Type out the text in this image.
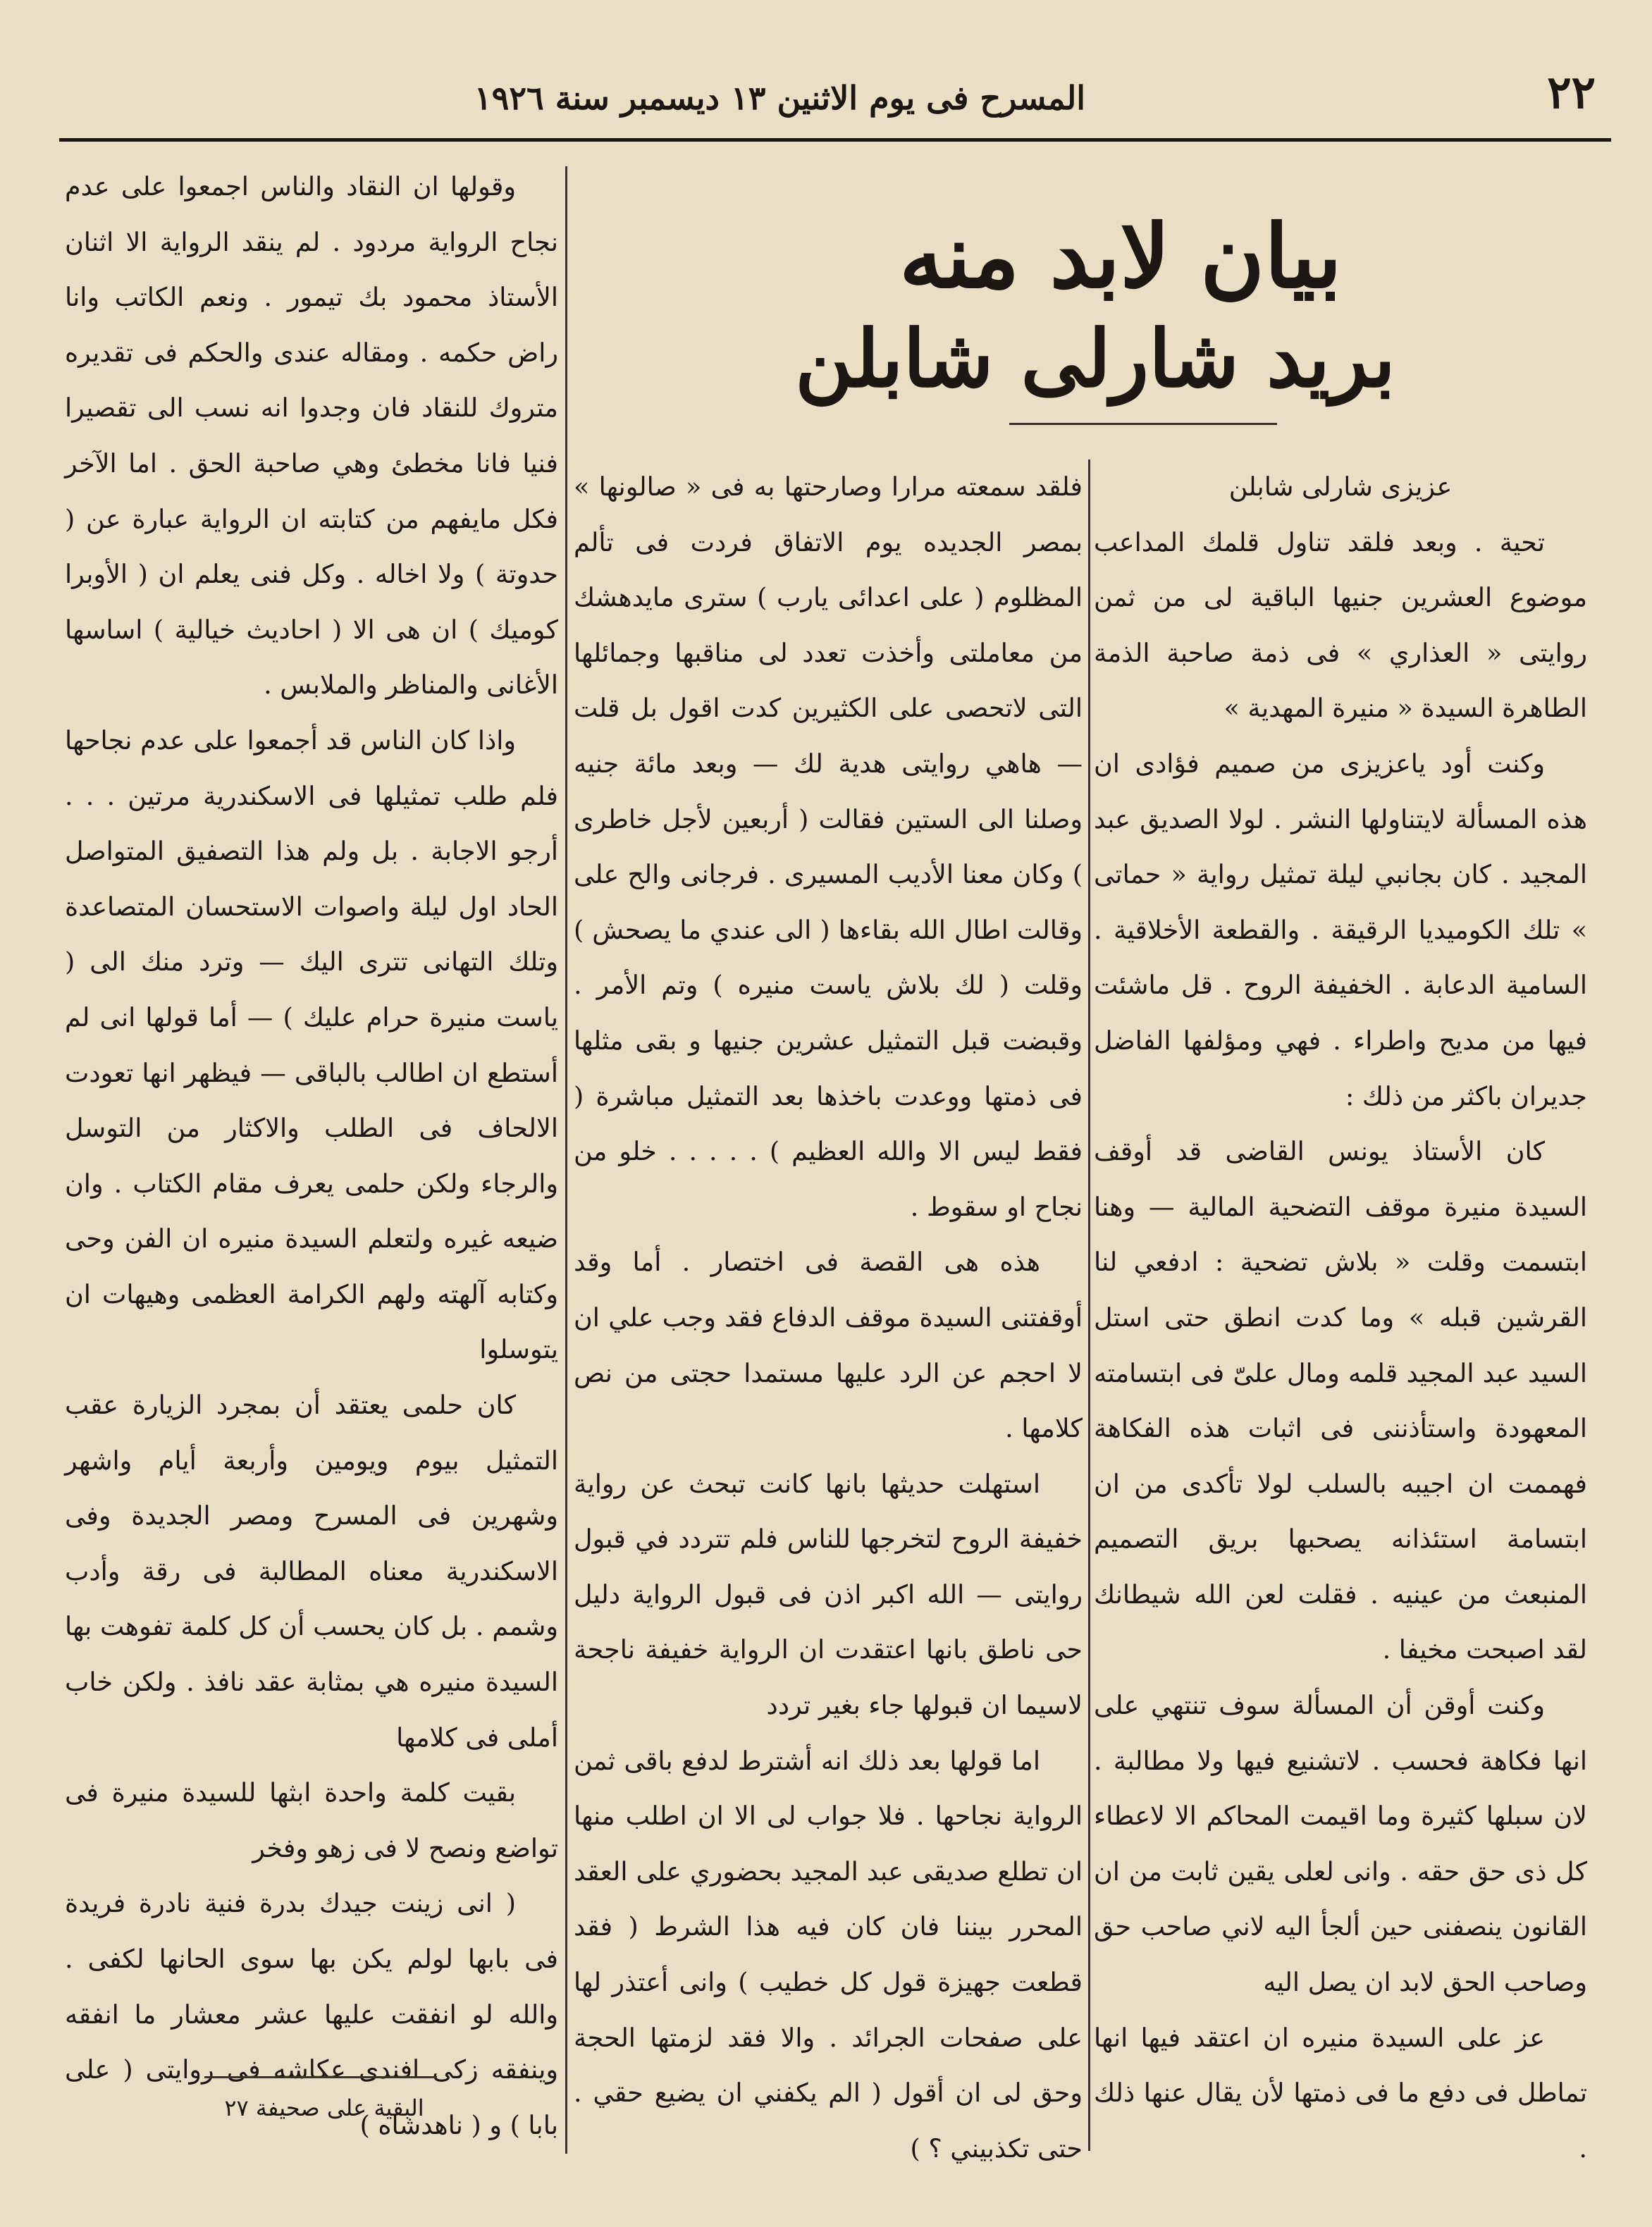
٢٢
المسرح فى يوم الاثنين ١٣ ديسمبر سنة ١٩٢٦
بيان لابد منه
بريد شارلى شابلن

عزيزى شارلى شابلن

تحية . وبعد فلقد تناول قلمك المداعب موضوع العشرين جنيها الباقية لى من ثمن روايتى « العذاري » فى ذمة صاحبة الذمة الطاهرة السيدة « منيرة المهدية »

وكنت أود ياعزيزى من صميم فؤادى ان هذه المسألة لايتناولها النشر . لولا الصديق عبد المجيد . كان بجانبي ليلة تمثيل رواية « حماتى » تلك الكوميديا الرقيقة . والقطعة الأخلاقية . السامية الدعابة . الخفيفة الروح . قل ماشئت فيها من مديح واطراء . فهي ومؤلفها الفاضل جديران باكثر من ذلك :

كان الأستاذ يونس القاضى قد أوقف السيدة منيرة موقف التضحية المالية — وهنا ابتسمت وقلت « بلاش تضحية : ادفعي لنا القرشين قبله » وما كدت انطق حتى استل السيد عبد المجيد قلمه ومال علىّ فى ابتسامته المعهودة واستأذننى فى اثبات هذه الفكاهة فهممت ان اجيبه بالسلب لولا تأكدى من ان ابتسامة استئذانه يصحبها بريق التصميم المنبعث من عينيه . فقلت لعن الله شيطانك لقد اصبحت مخيفا .

وكنت أوقن أن المسألة سوف تنتهي على انها فكاهة فحسب . لاتشنيع فيها ولا مطالبة . لان سبلها كثيرة وما اقيمت المحاكم الا لاعطاء كل ذى حق حقه . وانى لعلى يقين ثابت من ان القانون ينصفنى حين ألجأ اليه لاني صاحب حق وصاحب الحق لابد ان يصل اليه

عز على السيدة منيره ان اعتقد فيها انها تماطل فى دفع ما فى ذمتها لأن يقال عنها ذلك .

فلقد سمعته مرارا وصارحتها به فى « صالونها » بمصر الجديده يوم الاتفاق فردت فى تألم المظلوم ( على اعدائى يارب ) سترى مايدهشك من معاملتى وأخذت تعدد لى مناقبها وجمائلها التى لاتحصى على الكثيرين كدت اقول بل قلت — هاهي روايتى هدية لك — وبعد مائة جنيه وصلنا الى الستين فقالت ( أربعين لأجل خاطرى ) وكان معنا الأديب المسيرى . فرجانى والح على وقالت اطال الله بقاءها ( الى عندي ما يصحش ) وقلت ( لك بلاش ياست منيره ) وتم الأمر . وقبضت قبل التمثيل عشرين جنيها و بقى مثلها فى ذمتها ووعدت باخذها بعد التمثيل مباشرة ( فقط ليس الا والله العظيم ) . . . . . خلو من نجاح او سقوط .

هذه هى القصة فى اختصار . أما وقد أوقفتنى السيدة موقف الدفاع فقد وجب علي ان لا احجم عن الرد عليها مستمدا حجتى من نص كلامها .

استهلت حديثها بانها كانت تبحث عن رواية خفيفة الروح لتخرجها للناس فلم تتردد في قبول روايتى — الله اكبر اذن فى قبول الرواية دليل حى ناطق بانها اعتقدت ان الرواية خفيفة ناجحة لاسيما ان قبولها جاء بغير تردد

اما قولها بعد ذلك انه أشترط لدفع باقى ثمن الرواية نجاحها . فلا جواب لى الا ان اطلب منها ان تطلع صديقى عبد المجيد بحضوري على العقد المحرر بيننا فان كان فيه هذا الشرط ( فقد قطعت جهيزة قول كل خطيب ) وانى أعتذر لها على صفحات الجرائد . والا فقد لزمتها الحجة وحق لى ان أقول ( الم يكفني ان يضيع حقي . حتى تكذبيني ؟ )

وقولها ان النقاد والناس اجمعوا على عدم نجاح الرواية مردود . لم ينقد الرواية الا اثنان الأستاذ محمود بك تيمور . ونعم الكاتب وانا راض حكمه . ومقاله عندى والحكم فى تقديره متروك للنقاد فان وجدوا انه نسب الى تقصيرا فنيا فانا مخطئ وهي صاحبة الحق . اما الآخر فكل مايفهم من كتابته ان الرواية عبارة عن ( حدوتة ) ولا اخاله . وكل فنى يعلم ان ( الأوبرا كوميك ) ان هى الا ( احاديث خيالية ) اساسها الأغانى والمناظر والملابس .

واذا كان الناس قد أجمعوا على عدم نجاحها فلم طلب تمثيلها فى الاسكندرية مرتين . . . أرجو الاجابة . بل ولم هذا التصفيق المتواصل الحاد اول ليلة واصوات الاستحسان المتصاعدة وتلك التهانى تترى اليك — وترد منك الى ( ياست منيرة حرام عليك ) — أما قولها انى لم أستطع ان اطالب بالباقى — فيظهر انها تعودت الالحاف فى الطلب والاكثار من التوسل والرجاء ولكن حلمى يعرف مقام الكتاب . وان ضيعه غيره ولتعلم السيدة منيره ان الفن وحى وكتابه آلهته ولهم الكرامة العظمى وهيهات ان يتوسلوا

كان حلمى يعتقد أن بمجرد الزيارة عقب التمثيل بيوم ويومين وأربعة أيام واشهر وشهرين فى المسرح ومصر الجديدة وفى الاسكندرية معناه المطالبة فى رقة وأدب وشمم . بل كان يحسب أن كل كلمة تفوهت بها السيدة منيره هي بمثابة عقد نافذ . ولكن خاب أملى فى كلامها

بقيت كلمة واحدة ابثها للسيدة منيرة فى تواضع ونصح لا فى زهو وفخر

( انى زينت جيدك بدرة فنية نادرة فريدة فى بابها لولم يكن بها سوى الحانها لكفى . والله لو انفقت عليها عشر معشار ما انفقه وينفقه زكى افندى عكاشه فى روايتى ( على بابا ) و ( ناهدشاه )

البقية على صحيفة ٢٧
